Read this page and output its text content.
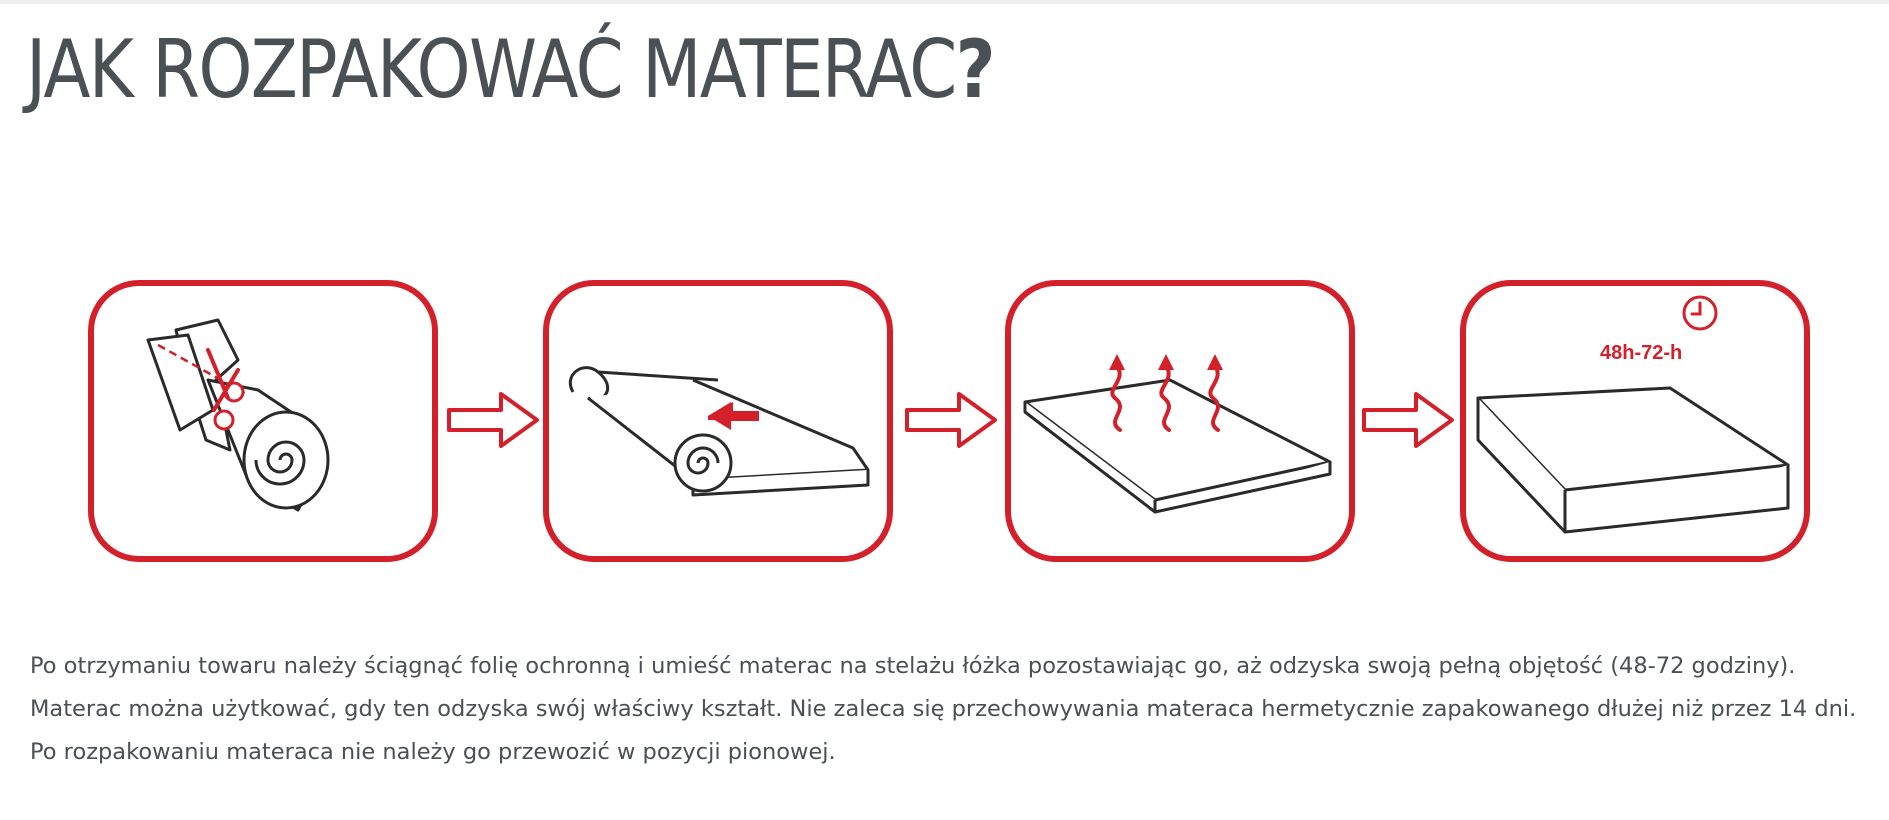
JAK ROZPAKOWAĆ MATERAC?
48h-72-h

Po otrzymaniu towaru należy ściągnąć folię ochronną i umieść materac na stelażu łóżka pozostawiając go, aż odzyska swoją pełną objętość (48-72 godziny). Materac można użytkować, gdy ten odzyska swój właściwy kształt. Nie zaleca się przechowywania materaca hermetycznie zapakowanego dłużej niż przez 14 dni. Po rozpakowaniu materaca nie należy go przewozić w pozycji pionowej.
